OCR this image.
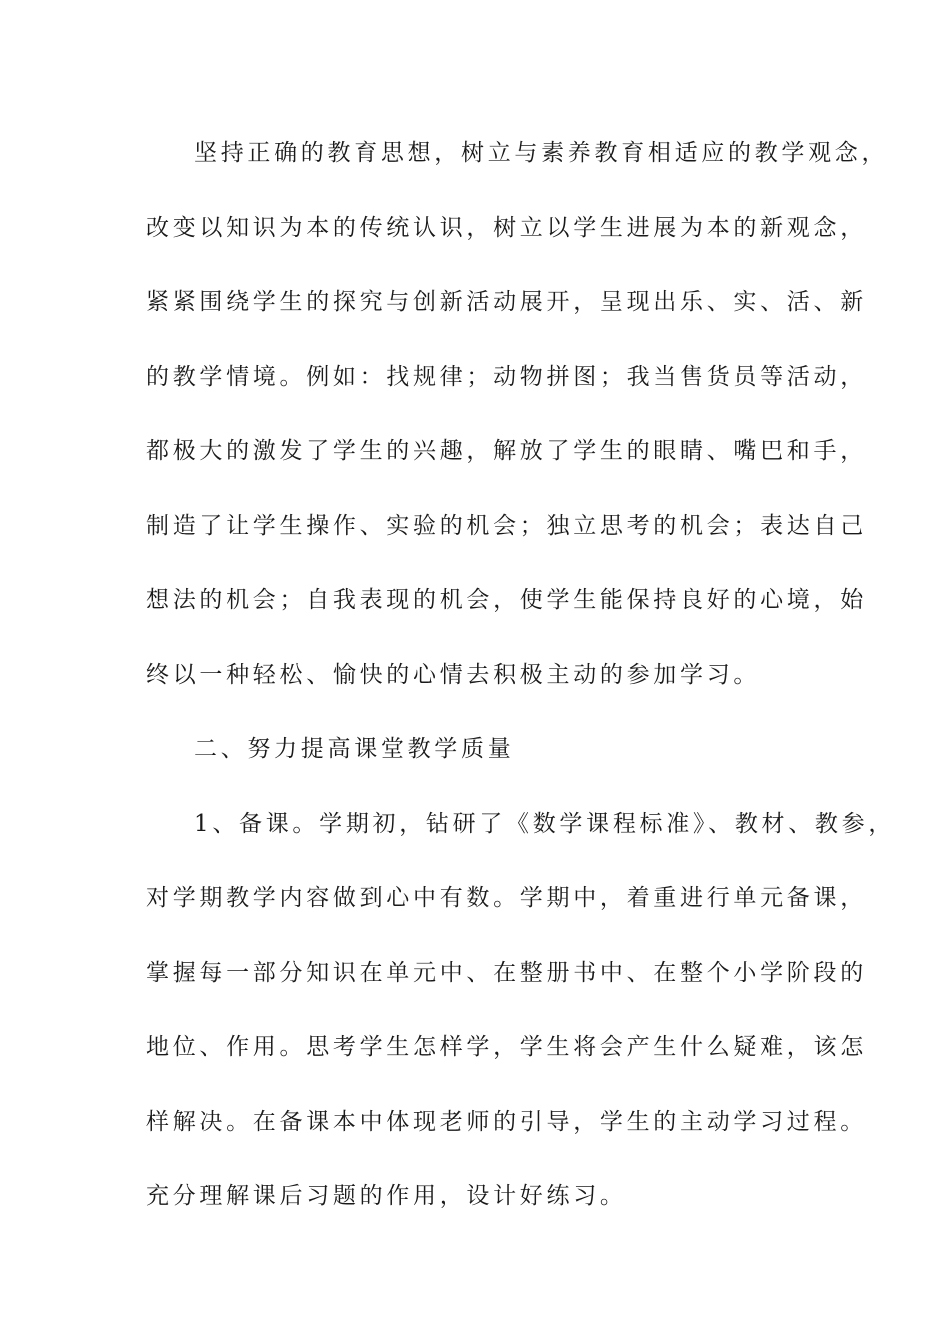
坚持正确的教育思想，树立与素养教育相适应的教学观念，
改变以知识为本的传统认识，树立以学生进展为本的新观念，
紧紧围绕学生的探究与创新活动展开，呈现出乐、实、活、新
的教学情境。例如：找规律；动物拼图；我当售货员等活动，
都极大的激发了学生的兴趣，解放了学生的眼睛、嘴巴和手，
制造了让学生操作、实验的机会；独立思考的机会；表达自己
想法的机会；自我表现的机会，使学生能保持良好的心境，始
终以一种轻松、愉快的心情去积极主动的参加学习。
二、努力提高课堂教学质量
1、备课。学期初，钻研了《数学课程标准》、教材、教参，
对学期教学内容做到心中有数。学期中，着重进行单元备课，
掌握每一部分知识在单元中、在整册书中、在整个小学阶段的
地位、作用。思考学生怎样学，学生将会产生什么疑难，该怎
样解决。在备课本中体现老师的引导，学生的主动学习过程。
充分理解课后习题的作用，设计好练习。
